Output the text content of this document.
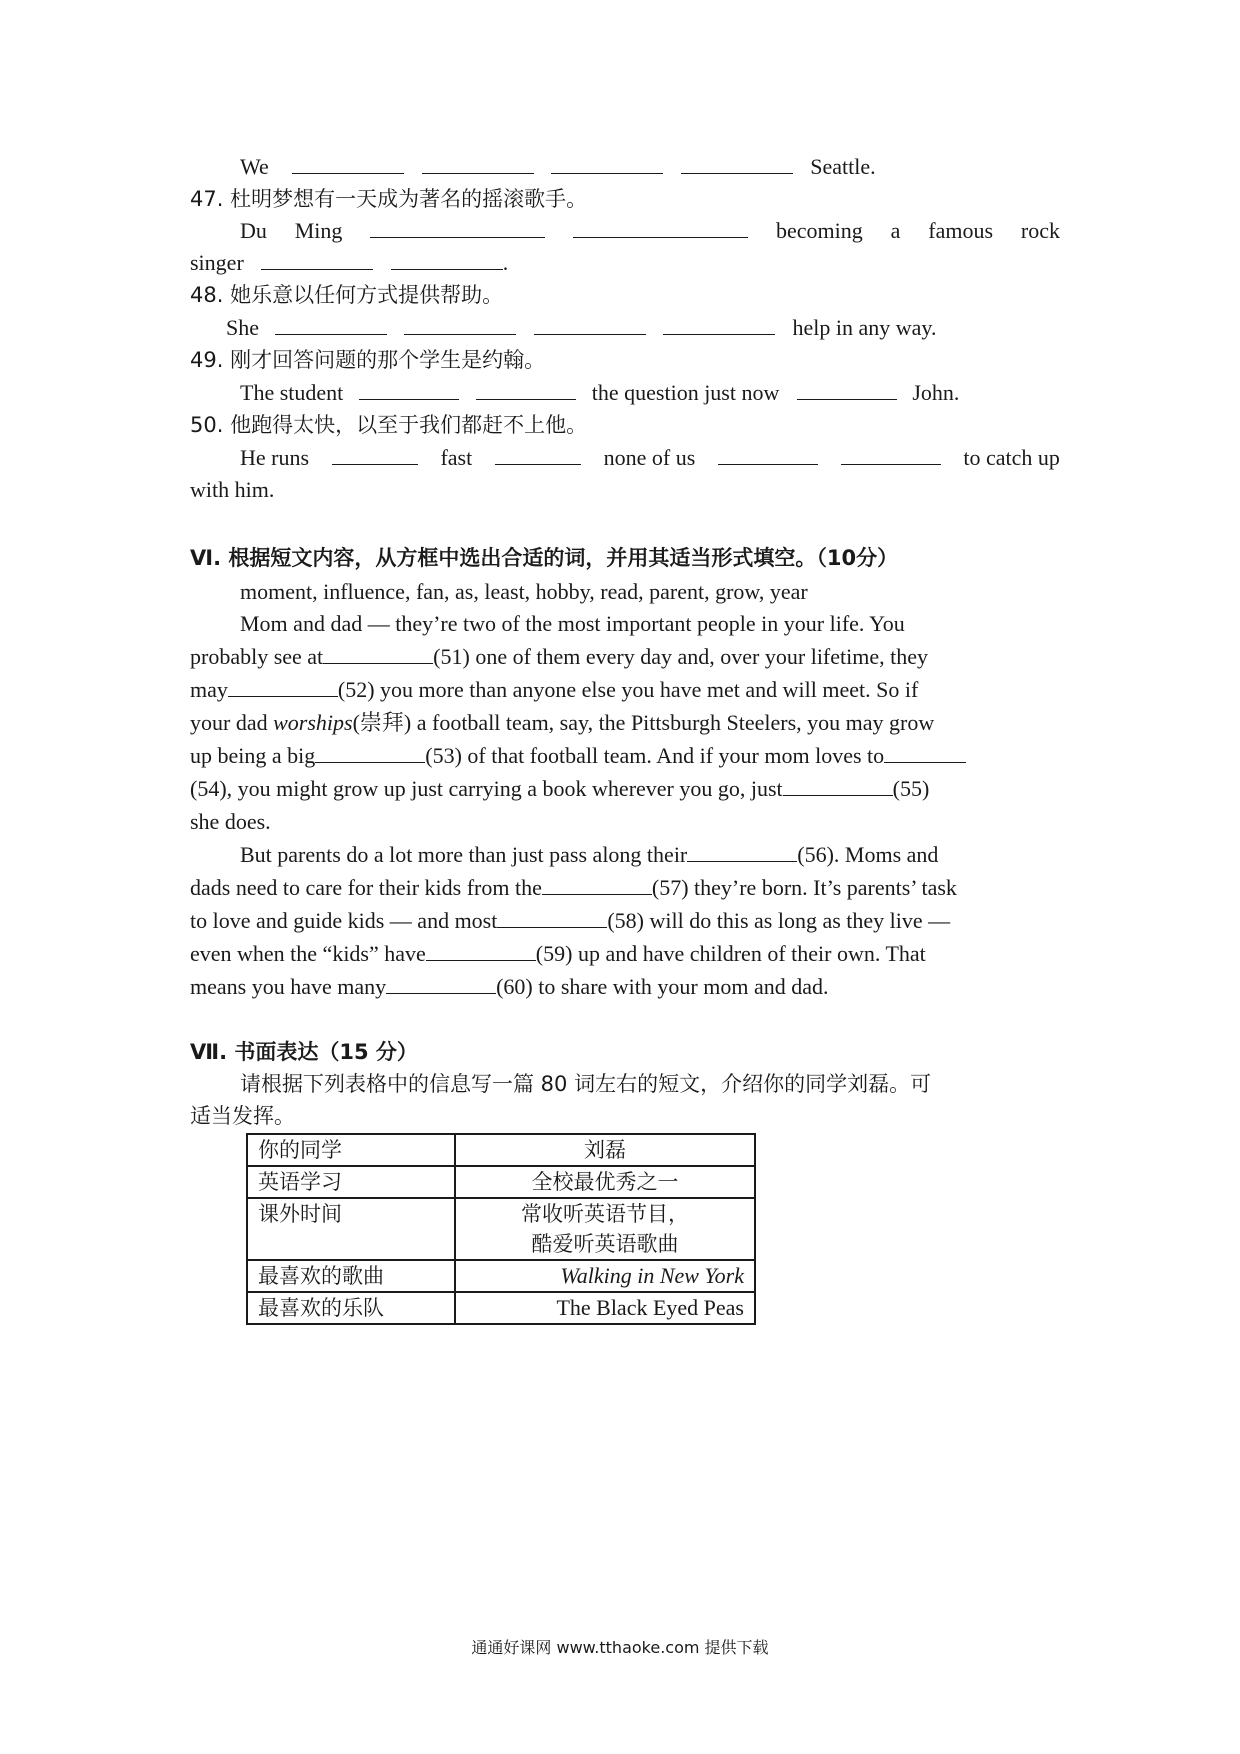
We	Seattle.
47. 杜明梦想有一天成为著名的摇滚歌手。
Du Ming	becoming a famous rock
singer	.
48. 她乐意以任何方式提供帮助。
She	help in any way.
49. 刚才回答问题的那个学生是约翰。
The student	the question just now	John.
50. 他跑得太快，以至于我们都赶不上他。
He runs	fast	none of us	to catch up
with him.
Ⅵ. 根据短文内容，从方框中选出合适的词，并用其适当形式填空。（10分）
moment, influence, fan, as, least, hobby, read, parent, grow, year

Mom and dad — they’re two of the most important people in your life. You

probably see at	(51) one of them every day and, over your lifetime, they

may	(52) you more than anyone else you have met and will meet. So if

your dad worships(崇拜) a football team, say, the Pittsburgh Steelers, you may grow

up being a big	(53) of that football team. And if your mom loves to

(54), you might grow up just carrying a book wherever you go, just	(55)

she does.

But parents do a lot more than just pass along their	(56). Moms and

dads need to care for their kids from the	(57) they’re born. It’s parents’ task

to love and guide kids — and most	(58) will do this as long as they live —

even when the “kids” have	(59) up and have children of their own. That

means you have many	(60) to share with your mom and dad.

Ⅶ. 书面表达（15 分）
请根据下列表格中的信息写一篇 80 词左右的短文，介绍你的同学刘磊。可
适当发挥。
你的同学	刘磊
英语学习	全校最优秀之一
课外时间	常收听英语节目，
酷爱听英语歌曲

最喜欢的歌曲	Walking in New York
最喜欢的乐队	The Black Eyed Peas
通通好课网 www.tthaoke.com 提供下载
